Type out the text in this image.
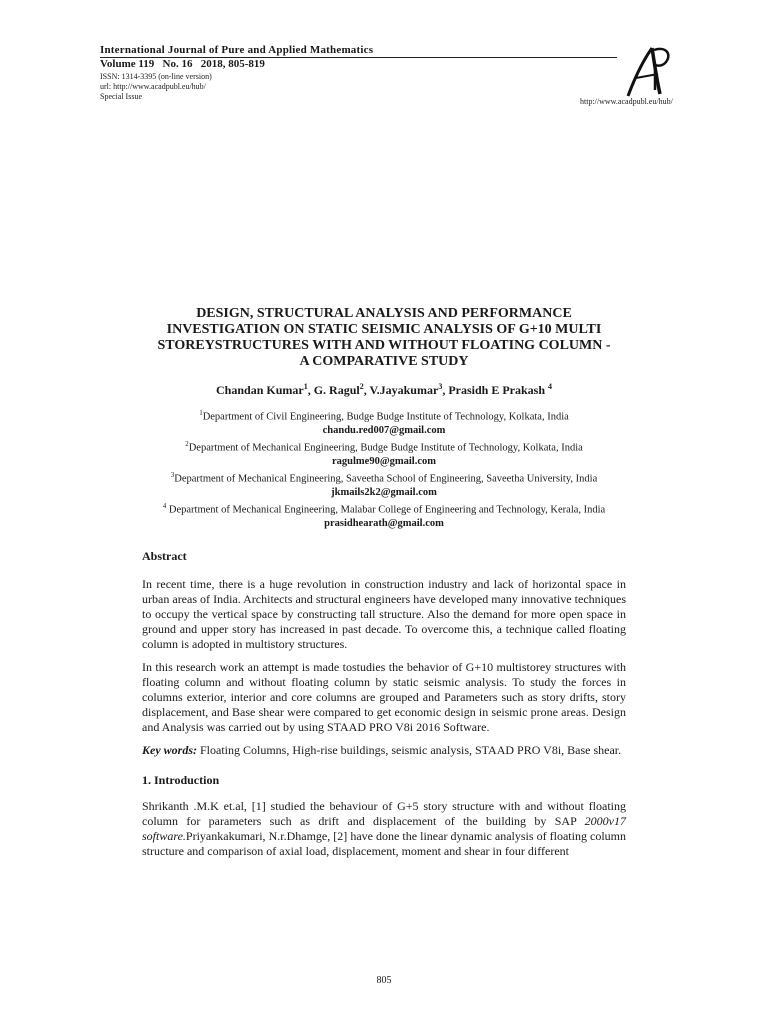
International Journal of Pure and Applied Mathematics
Volume 119   No. 16   2018, 805-819
ISSN: 1314-3395 (on-line version)
url: http://www.acadpubl.eu/hub/
Special Issue
http://www.acadpubl.eu/hub/
DESIGN, STRUCTURAL ANALYSIS AND PERFORMANCE
INVESTIGATION ON STATIC SEISMIC ANALYSIS OF G+10 MULTI
STOREYSTRUCTURES WITH AND WITHOUT FLOATING COLUMN -
A COMPARATIVE STUDY
Chandan Kumar$^1$, G. Ragul$^2$, V.Jayakumar$^3$, Prasidh E Prakash $^4$
$^1$Department of Civil Engineering, Budge Budge Institute of Technology, Kolkata, India
chandu.red007@gmail.com
$^2$Department of Mechanical Engineering, Budge Budge Institute of Technology, Kolkata, India
ragulme90@gmail.com
$^3$Department of Mechanical Engineering, Saveetha School of Engineering, Saveetha University, India
jkmails2k2@gmail.com
$^4$ Department of Mechanical Engineering, Malabar College of Engineering and Technology, Kerala, India
prasidhearath@gmail.com
Abstract
In recent time, there is a huge revolution in construction industry and lack of horizontal space in urban areas of India. Architects and structural engineers have developed many innovative techniques to occupy the vertical space by constructing tall structure. Also the demand for more open space in ground and upper story has increased in past decade. To overcome this, a technique called floating column is adopted in multistory structures.
In this research work an attempt is made tostudies the behavior of G+10 multistorey structures with floating column and without floating column by static seismic analysis. To study the forces in columns exterior, interior and core columns are grouped and Parameters such as story drifts, story displacement, and Base shear were compared to get economic design in seismic prone areas. Design and Analysis was carried out by using STAAD PRO V8i 2016 Software.
Key words: Floating Columns, High-rise buildings, seismic analysis, STAAD PRO V8i, Base shear.
1. Introduction
Shrikanth .M.K et.al, [1] studied the behaviour of G+5 story structure with and without floating column for parameters such as drift and displacement of the building by SAP 2000v17 software.Priyankakumari, N.r.Dhamge, [2] have done the linear dynamic analysis of floating column structure and comparison of axial load, displacement, moment and shear in four different
805
